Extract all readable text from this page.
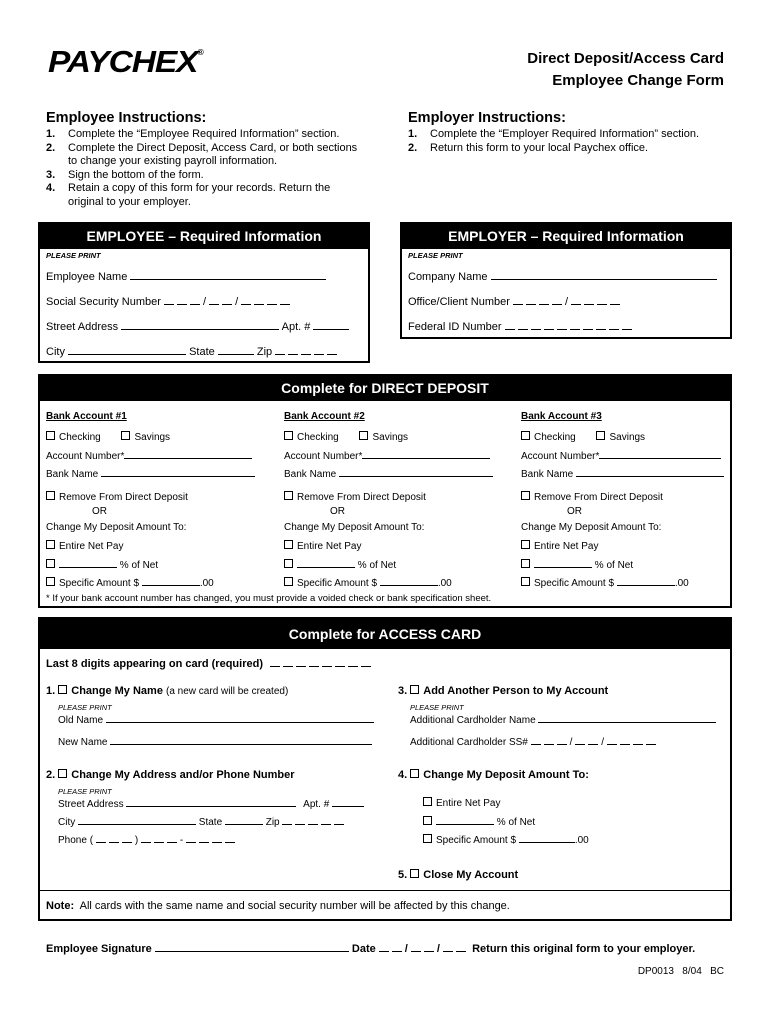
PAYCHEX®	Direct Deposit/Access Card
Employee Change Form
Employee Instructions:
1.	Complete the “Employee Required Information” section.
2.	Complete the Direct Deposit, Access Card, or both sections to change your existing payroll information.
3.	Sign the bottom of the form.
4.	Retain a copy of this form for your records. Return the original to your employer.
Employer Instructions:
1.	Complete the “Employer Required Information” section.
2.	Return this form to your local Paychex office.
EMPLOYEE – Required Information
PLEASE PRINT
Employee Name
Social Security Number	/ /
Street Address	Apt. #
City	State	Zip
EMPLOYER – Required Information
PLEASE PRINT
Company Name
Office/Client Number	/
Federal ID Number
Complete for DIRECT DEPOSIT
Bank Account #1
Checking	Savings
Account Number*
Bank Name
Remove From Direct Deposit
OR
Change My Deposit Amount To:
Entire Net Pay
% of Net
Specific Amount $	.00
Bank Account #2
Checking	Savings
Account Number*
Bank Name
Remove From Direct Deposit
OR
Change My Deposit Amount To:
Entire Net Pay
% of Net
Specific Amount $	.00
Bank Account #3
Checking	Savings
Account Number*
Bank Name
Remove From Direct Deposit
OR
Change My Deposit Amount To:
Entire Net Pay
% of Net
Specific Amount $	.00
* If your bank account number has changed, you must provide a voided check or bank specification sheet.
Complete for ACCESS CARD
Last 8 digits appearing on card (required)
1. Change My Name (a new card will be created)
PLEASE PRINT
Old Name
New Name
3. Add Another Person to My Account
PLEASE PRINT
Additional Cardholder Name
Additional Cardholder SS#	/	/
2. Change My Address and/or Phone Number
PLEASE PRINT
Street Address	Apt. #
City	State	Zip
Phone (	)	-
4. Change My Deposit Amount To:
Entire Net Pay
% of Net
Specific Amount $	.00
5. Close My Account
Note: All cards with the same name and social security number will be affected by this change.
Employee Signature	Date	/ /	Return this original form to your employer.
DP0013   8/04   BC
